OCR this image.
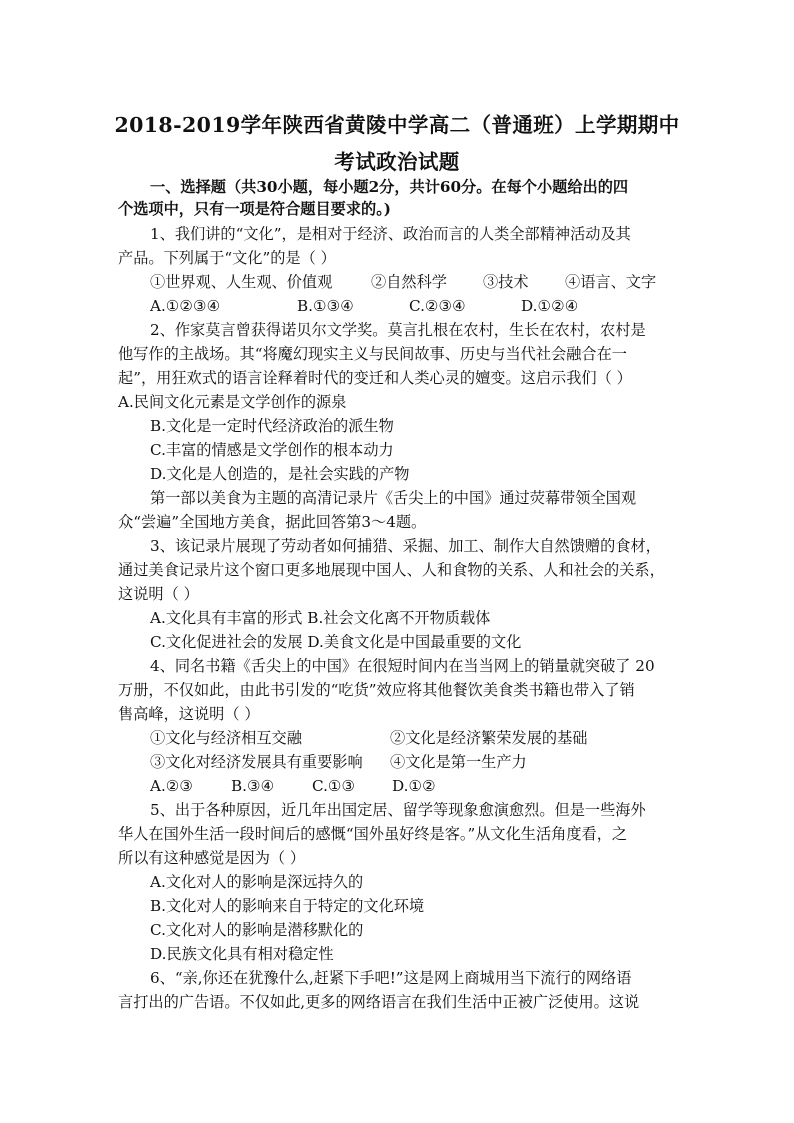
2018-2019学年陕西省黄陵中学高二（普通班）上学期期中
考试政治试题
一、选择题（共30小题，每小题2分，共计60分。在每个小题给出的四
个选项中，只有一项是符合题目要求的。)
1、我们讲的“文化”，是相对于经济、政治而言的人类全部精神活动及其
产品。下列属于“文化”的是（ ）
①世界观、人生观、价值观	②自然科学 ③技术 ④语言、文字
A.①②③④	B.①③④	C.②③④	D.①②④
2、作家莫言曾获得诺贝尔文学奖。莫言扎根在农村，生长在农村，农村是
他写作的主战场。其“将魔幻现实主义与民间故事、历史与当代社会融合在一
起”，用狂欢式的语言诠释着时代的变迁和人类心灵的嬗变。这启示我们（ ）
A.民间文化元素是文学创作的源泉
B.文化是一定时代经济政治的派生物
C.丰富的情感是文学创作的根本动力
D.文化是人创造的，是社会实践的产物
第一部以美食为主题的高清记录片《舌尖上的中国》通过荧幕带领全国观
众“尝遍”全国地方美食，据此回答第3～4题。
3、该记录片展现了劳动者如何捕猎、采掘、加工、制作大自然馈赠的食材，
通过美食记录片这个窗口更多地展现中国人、人和食物的关系、人和社会的关系，
这说明（ ）
A.文化具有丰富的形式 B.社会文化离不开物质载体
C.文化促进社会的发展 D.美食文化是中国最重要的文化
4、同名书籍《舌尖上的中国》在很短时间内在当当网上的销量就突破了 20
万册，不仅如此，由此书引发的“吃货”效应将其他餐饮美食类书籍也带入了销
售高峰，这说明（ ）
①文化与经济相互交融	②文化是经济繁荣发展的基础
③文化对经济发展具有重要影响 ④文化是第一生产力
A.②③ B.③④ C.①③ D.①②
5、出于各种原因，近几年出国定居、留学等现象愈演愈烈。但是一些海外
华人在国外生活一段时间后的感慨“国外虽好终是客。”从文化生活角度看，之
所以有这种感觉是因为（ ）
A.文化对人的影响是深远持久的
B.文化对人的影响来自于特定的文化环境
C.文化对人的影响是潜移默化的
D.民族文化具有相对稳定性
6、“亲,你还在犹豫什么,赶紧下手吧!”这是网上商城用当下流行的网络语
言打出的广告语。不仅如此,更多的网络语言在我们生活中正被广泛使用。这说
